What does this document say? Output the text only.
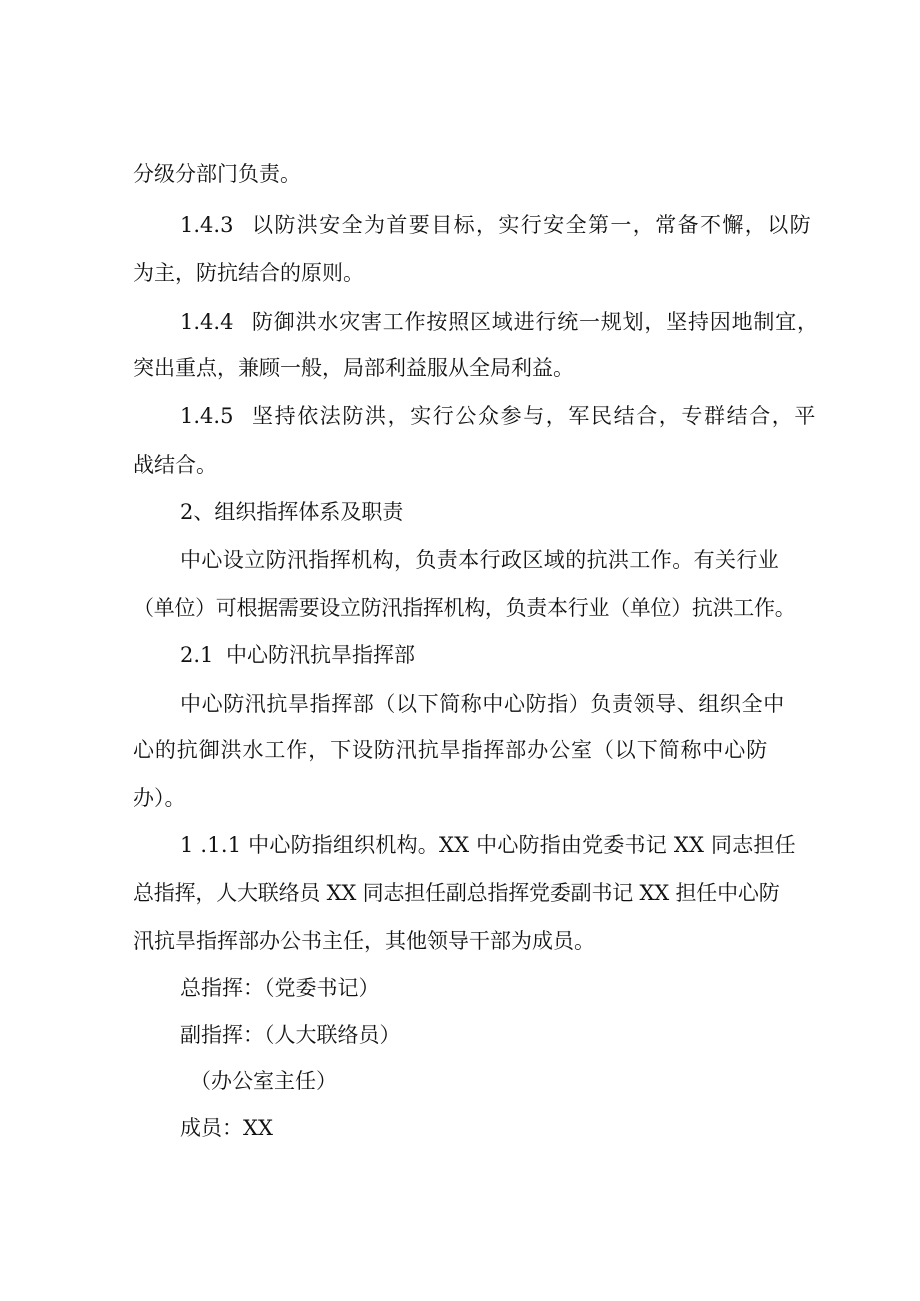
分级分部门负责。
1.4.3 以防洪安全为首要目标，实行安全第一，常备不懈，以防
为主，防抗结合的原则。
1.4.4 防御洪水灾害工作按照区域进行统一规划，坚持因地制宜，
突出重点，兼顾一般，局部利益服从全局利益。
1.4.5 坚持依法防洪，实行公众参与，军民结合，专群结合，平
战结合。
2、组织指挥体系及职责
中心设立防汛指挥机构，负责本行政区域的抗洪工作。有关行业
（单位）可根据需要设立防汛指挥机构，负责本行业（单位）抗洪工作。
2.1 中心防汛抗旱指挥部
中心防汛抗旱指挥部（以下简称中心防指）负责领导、组织全中
心的抗御洪水工作，下设防汛抗旱指挥部办公室（以下简称中心防
办）。
1 .1.1 中心防指组织机构。XX 中心防指由党委书记 XX 同志担任
总指挥，人大联络员 XX 同志担任副总指挥党委副书记 XX 担任中心防
汛抗旱指挥部办公书主任，其他领导干部为成员。
总指挥：（党委书记）
副指挥：（人大联络员）
（办公室主任）
成员：XX
